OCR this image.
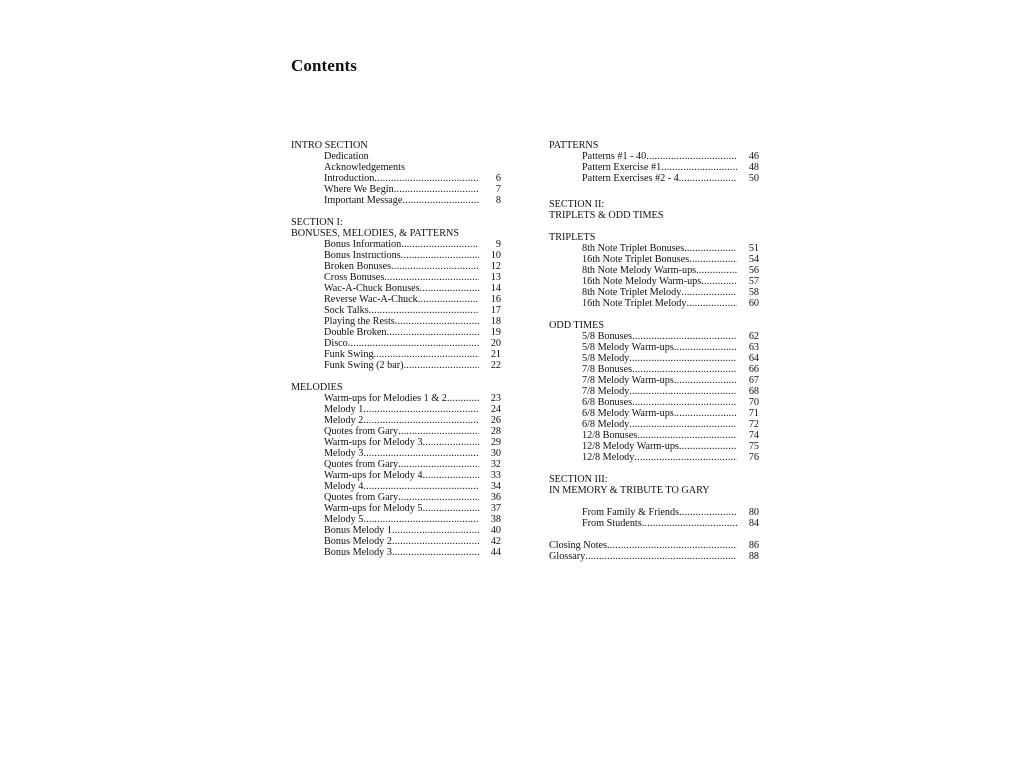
Contents
INTRO SECTION
Dedication
Acknowledgements
Introduction .....	6
Where We Begin .....	7
Important Message .....	8
SECTION I:
BONUSES, MELODIES, & PATTERNS
Bonus Information .....	9
Bonus Instructions .....	10
Broken Bonuses .....	12
Cross Bonuses .....	13
Wac-A-Chuck Bonuses .....	14
Reverse Wac-A-Chuck .....	16
Sock Talks .....	17
Playing the Rests .....	18
Double Broken .....	19
Disco .....	20
Funk Swing .....	21
Funk Swing (2 bar) .....	22
MELODIES
Warm-ups for Melodies 1 & 2 .....	23
Melody 1 .....	24
Melody 2 .....	26
Quotes from Gary .....	28
Warm-ups for Melody 3 .....	29
Melody 3 .....	30
Quotes from Gary .....	32
Warm-ups for Melody 4 .....	33
Melody 4 .....	34
Quotes from Gary .....	36
Warm-ups for Melody 5 .....	37
Melody 5 .....	38
Bonus Melody 1 .....	40
Bonus Melody 2 .....	42
Bonus Melody 3 .....	44
PATTERNS
Patterns #1 - 40 .....	46
Pattern Exercise #1 .....	48
Pattern Exercises #2 - 4 .....	50
SECTION II:
TRIPLETS & ODD TIMES
TRIPLETS
8th Note Triplet Bonuses .....	51
16th Note Triplet Bonuses .....	54
8th Note Melody Warm-ups .....	56
16th Note Melody Warm-ups .....	57
8th Note Triplet Melody .....	58
16th Note Triplet Melody .....	60
ODD TIMES
5/8 Bonuses .....	62
5/8 Melody Warm-ups .....	63
5/8 Melody .....	64
7/8 Bonuses .....	66
7/8 Melody Warm-ups .....	67
7/8 Melody .....	68
6/8 Bonuses .....	70
6/8 Melody Warm-ups .....	71
6/8 Melody .....	72
12/8 Bonuses .....	74
12/8 Melody Warm-ups .....	75
12/8 Melody .....	76
SECTION III:
IN MEMORY & TRIBUTE TO GARY
From Family & Friends .....	80
From Students .....	84
Closing Notes .....	86
Glossary .....	88
